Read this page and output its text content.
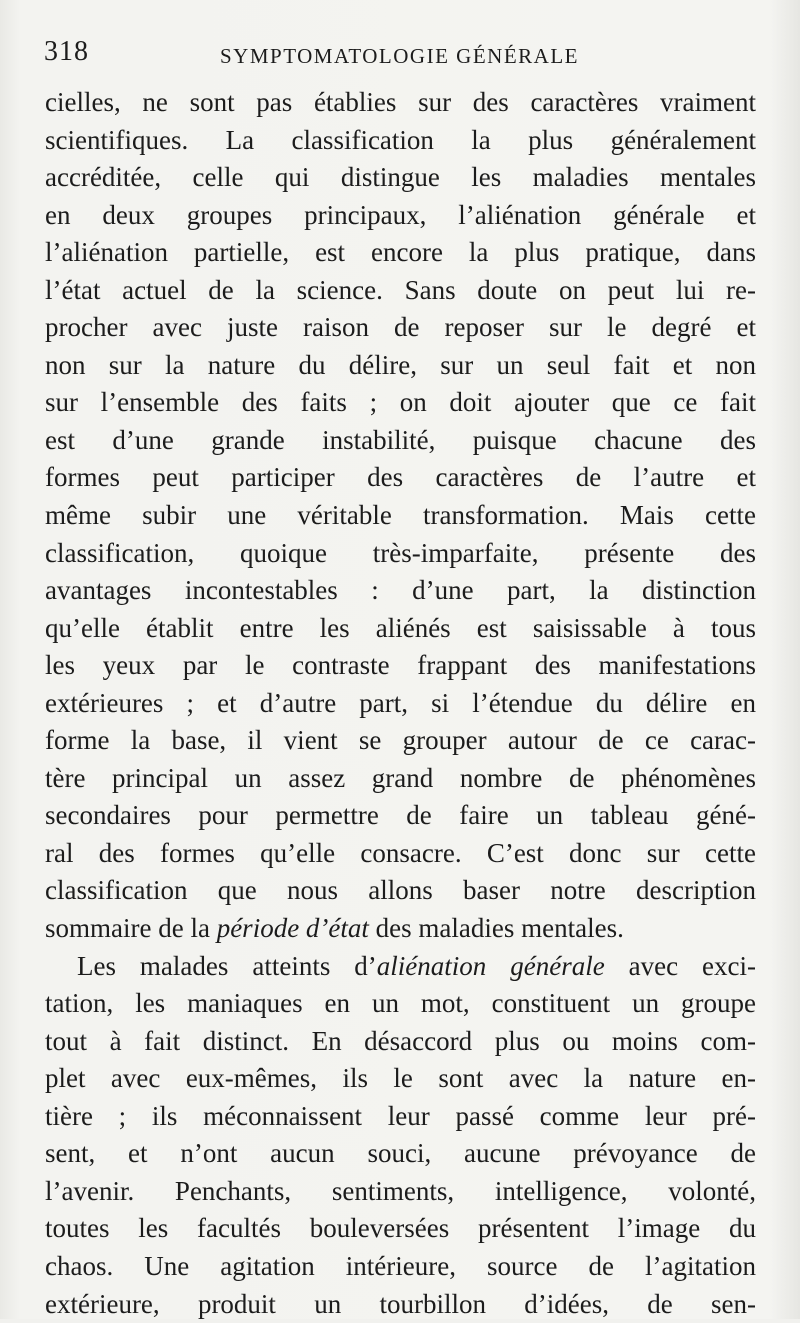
318	SYMPTOMATOLOGIE GÉNÉRALE
cielles, ne sont pas établies sur des caractères vraiment
scientifiques. La classification la plus généralement
accréditée, celle qui distingue les maladies mentales
en deux groupes principaux, l’aliénation générale et
l’aliénation partielle, est encore la plus pratique, dans
l’état actuel de la science. Sans doute on peut lui re-
procher avec juste raison de reposer sur le degré et
non sur la nature du délire, sur un seul fait et non
sur l’ensemble des faits ; on doit ajouter que ce fait
est d’une grande instabilité, puisque chacune des
formes peut participer des caractères de l’autre et
même subir une véritable transformation. Mais cette
classification, quoique très-imparfaite, présente des
avantages incontestables : d’une part, la distinction
qu’elle établit entre les aliénés est saisissable à tous
les yeux par le contraste frappant des manifestations
extérieures ; et d’autre part, si l’étendue du délire en
forme la base, il vient se grouper autour de ce carac-
tère principal un assez grand nombre de phénomènes
secondaires pour permettre de faire un tableau géné-
ral des formes qu’elle consacre. C’est donc sur cette
classification que nous allons baser notre description
sommaire de la période d’état des maladies mentales.
Les malades atteints d’aliénation générale avec exci-
tation, les maniaques en un mot, constituent un groupe
tout à fait distinct. En désaccord plus ou moins com-
plet avec eux-mêmes, ils le sont avec la nature en-
tière ; ils méconnaissent leur passé comme leur pré-
sent, et n’ont aucun souci, aucune prévoyance de
l’avenir. Penchants, sentiments, intelligence, volonté,
toutes les facultés bouleversées présentent l’image du
chaos. Une agitation intérieure, source de l’agitation
extérieure, produit un tourbillon d’idées, de sen-
